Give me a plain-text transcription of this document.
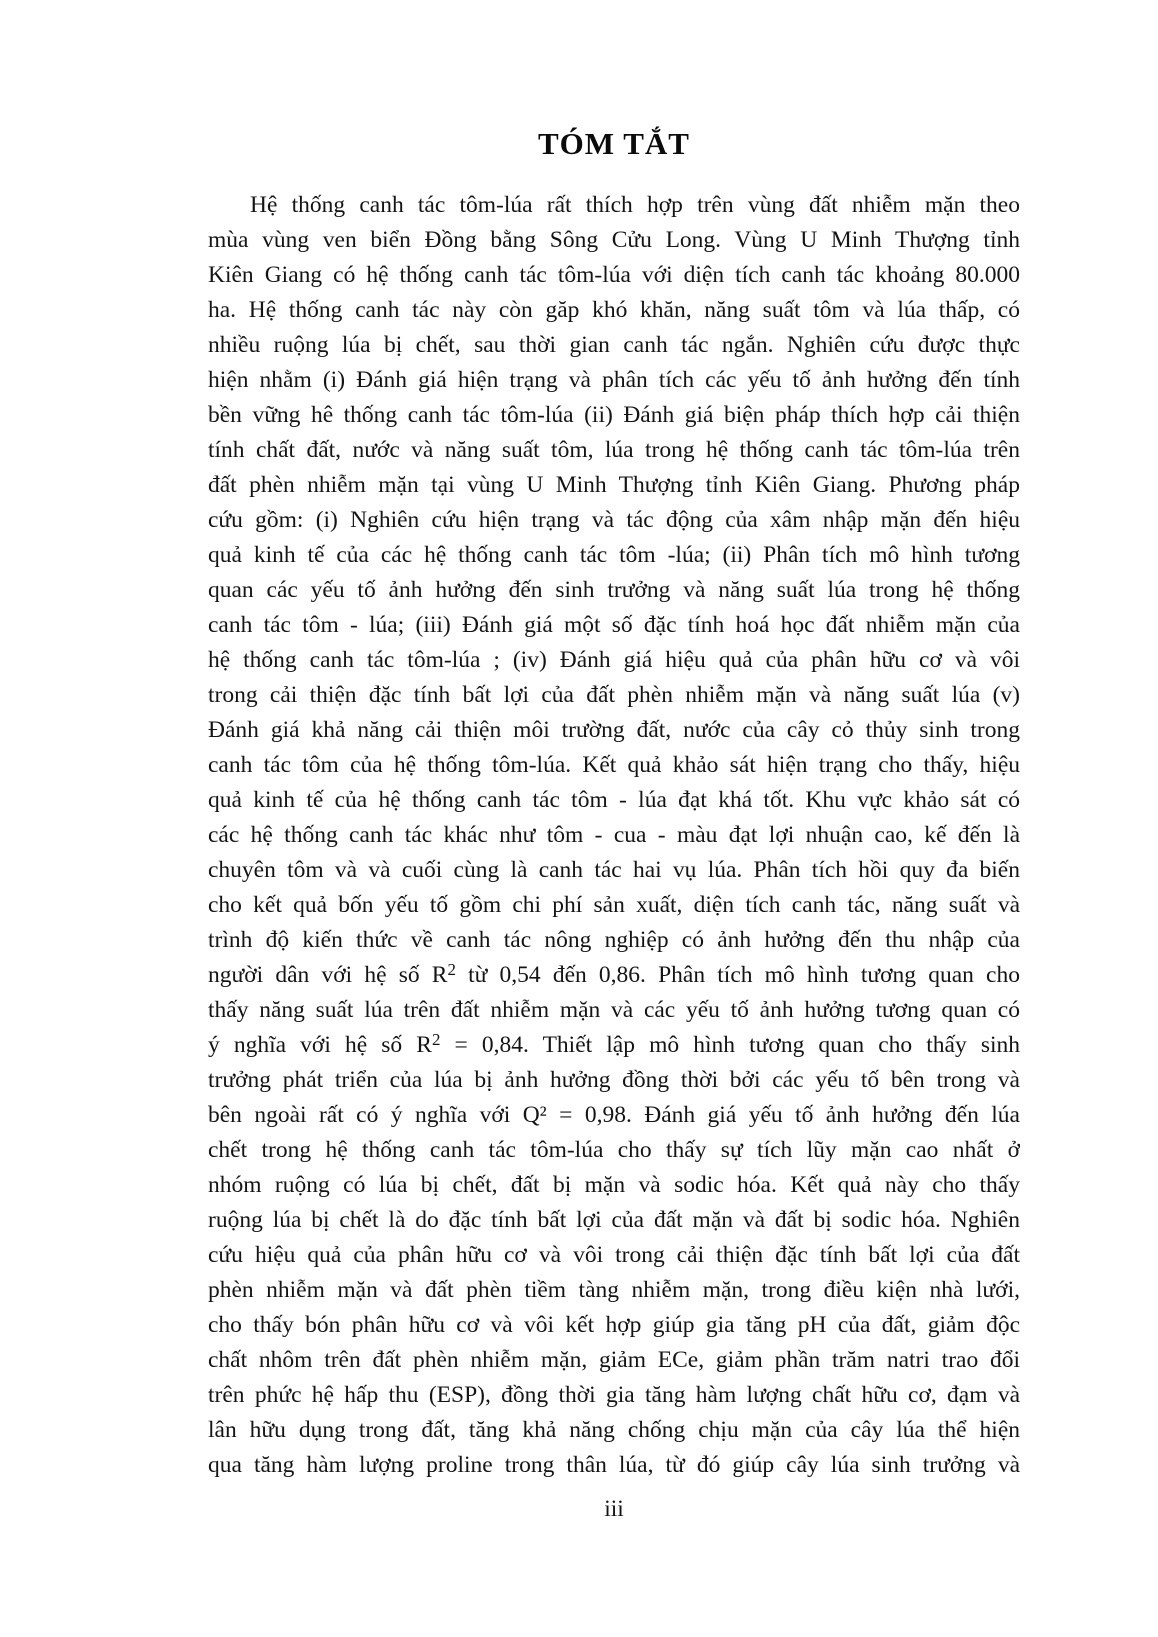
TÓM TẮT
Hệ thống canh tác tôm-lúa rất thích hợp trên vùng đất nhiễm mặn theo
mùa vùng ven biển Đồng bằng Sông Cửu Long. Vùng U Minh Thượng tỉnh
Kiên Giang có hệ thống canh tác tôm-lúa với diện tích canh tác khoảng 80.000
ha. Hệ thống canh tác này còn găp khó khăn, năng suất tôm và lúa thấp, có
nhiều ruộng lúa bị chết, sau thời gian canh tác ngắn. Nghiên cứu được thực
hiện nhằm (i) Đánh giá hiện trạng và phân tích các yếu tố ảnh hưởng đến tính
bền vững hê thống canh tác tôm-lúa (ii) Đánh giá biện pháp thích hợp cải thiện
tính chất đất, nước và năng suất tôm, lúa trong hệ thống canh tác tôm-lúa trên
đất phèn nhiễm mặn tại vùng U Minh Thượng tỉnh Kiên Giang. Phương pháp
cứu gồm: (i) Nghiên cứu hiện trạng và tác động của xâm nhập mặn đến hiệu
quả kinh tế của các hệ thống canh tác tôm -lúa; (ii) Phân tích mô hình tương
quan các yếu tố ảnh hưởng đến sinh trưởng và năng suất lúa trong hệ thống
canh tác tôm - lúa; (iii) Đánh giá một số đặc tính hoá học đất nhiễm mặn của
hệ thống canh tác tôm-lúa ; (iv) Đánh giá hiệu quả của phân hữu cơ và vôi
trong cải thiện đặc tính bất lợi của đất phèn nhiễm mặn và năng suất lúa (v)
Đánh giá khả năng cải thiện môi trường đất, nước của cây cỏ thủy sinh trong
canh tác tôm của hệ thống tôm-lúa. Kết quả khảo sát hiện trạng cho thấy, hiệu
quả kinh tế của hệ thống canh tác tôm - lúa đạt khá tốt. Khu vực khảo sát có
các hệ thống canh tác khác như tôm - cua - màu đạt lợi nhuận cao, kế đến là
chuyên tôm và và cuối cùng là canh tác hai vụ lúa. Phân tích hồi quy đa biến
cho kết quả bốn yếu tố gồm chi phí sản xuất, diện tích canh tác, năng suất và
trình độ kiến thức về canh tác nông nghiệp có ảnh hưởng đến thu nhập của
người dân với hệ số $R^2$ từ 0,54 đến 0,86. Phân tích mô hình tương quan cho
thấy năng suất lúa trên đất nhiễm mặn và các yếu tố ảnh hưởng tương quan có
ý nghĩa với hệ số $R^2 = 0,84$. Thiết lập mô hình tương quan cho thấy sinh
trưởng phát triển của lúa bị ảnh hưởng đồng thời bởi các yếu tố bên trong và
bên ngoài rất có ý nghĩa với Q² = 0,98. Đánh giá yếu tố ảnh hưởng đến lúa
chết trong hệ thống canh tác tôm-lúa cho thấy sự tích lũy mặn cao nhất ở
nhóm ruộng có lúa bị chết, đất bị mặn và sodic hóa. Kết quả này cho thấy
ruộng lúa bị chết là do đặc tính bất lợi của đất mặn và đất bị sodic hóa. Nghiên
cứu hiệu quả của phân hữu cơ và vôi trong cải thiện đặc tính bất lợi của đất
phèn nhiễm mặn và đất phèn tiềm tàng nhiễm mặn, trong điều kiện nhà lưới,
cho thấy bón phân hữu cơ và vôi kết hợp giúp gia tăng pH của đất, giảm độc
chất nhôm trên đất phèn nhiễm mặn, giảm ECe, giảm phần trăm natri trao đổi
trên phức hệ hấp thu (ESP), đồng thời gia tăng hàm lượng chất hữu cơ, đạm và
lân hữu dụng trong đất, tăng khả năng chống chịu mặn của cây lúa thể hiện
qua tăng hàm lượng proline trong thân lúa, từ đó giúp cây lúa sinh trưởng và
iii
